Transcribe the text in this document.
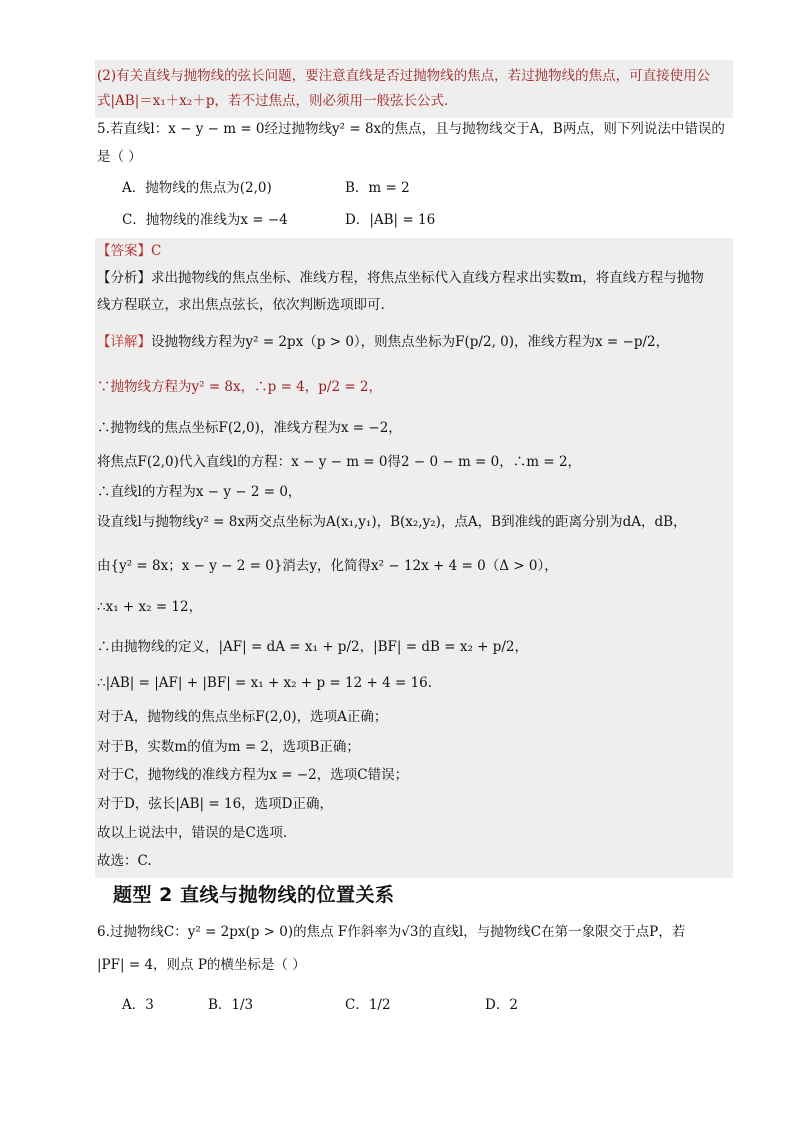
(2)有关直线与抛物线的弦长问题，要注意直线是否过抛物线的焦点，若过抛物线的焦点，可直接使用公
式|AB|＝x₁＋x₂＋p，若不过焦点，则必须用一般弦长公式．
5.若直线l：x − y − m = 0经过抛物线y² = 8x的焦点，且与抛物线交于A，B两点，则下列说法中错误的
是（ ）
A．抛物线的焦点为(2,0)	B．m = 2
C．抛物线的准线为x = −4	D．|AB| = 16
【答案】C
【分析】求出抛物线的焦点坐标、准线方程，将焦点坐标代入直线方程求出实数m，将直线方程与抛物
线方程联立，求出焦点弦长，依次判断选项即可.
【详解】设抛物线方程为y² = 2px（p > 0），则焦点坐标为F(p/2, 0)，准线方程为x = −p/2，
∵抛物线方程为y² = 8x，∴p = 4，p/2 = 2，
∴抛物线的焦点坐标F(2,0)，准线方程为x = −2，
将焦点F(2,0)代入直线l的方程：x − y − m = 0得2 − 0 − m = 0，∴m = 2，
∴直线l的方程为x − y − 2 = 0，
设直线l与抛物线y² = 8x两交点坐标为A(x₁,y₁)，B(x₂,y₂)，点A，B到准线的距离分别为dA，dB，
由{y² = 8x；x − y − 2 = 0}消去y，化简得x² − 12x + 4 = 0（Δ > 0），
∴x₁ + x₂ = 12，
∴由抛物线的定义，|AF| = dA = x₁ + p/2，|BF| = dB = x₂ + p/2，
∴|AB| = |AF| + |BF| = x₁ + x₂ + p = 12 + 4 = 16.
对于A，抛物线的焦点坐标F(2,0)，选项A正确；
对于B，实数m的值为m = 2，选项B正确；
对于C，抛物线的准线方程为x = −2，选项C错误；
对于D，弦长|AB| = 16，选项D正确，
故以上说法中，错误的是C选项.
故选：C.
题型 2 直线与抛物线的位置关系
6.过抛物线C：y² = 2px(p > 0)的焦点 F作斜率为√3的直线l，与抛物线C在第一象限交于点P，若
|PF| = 4，则点 P的横坐标是（ ）
A．3	B．1/3	C．1/2	D．2
